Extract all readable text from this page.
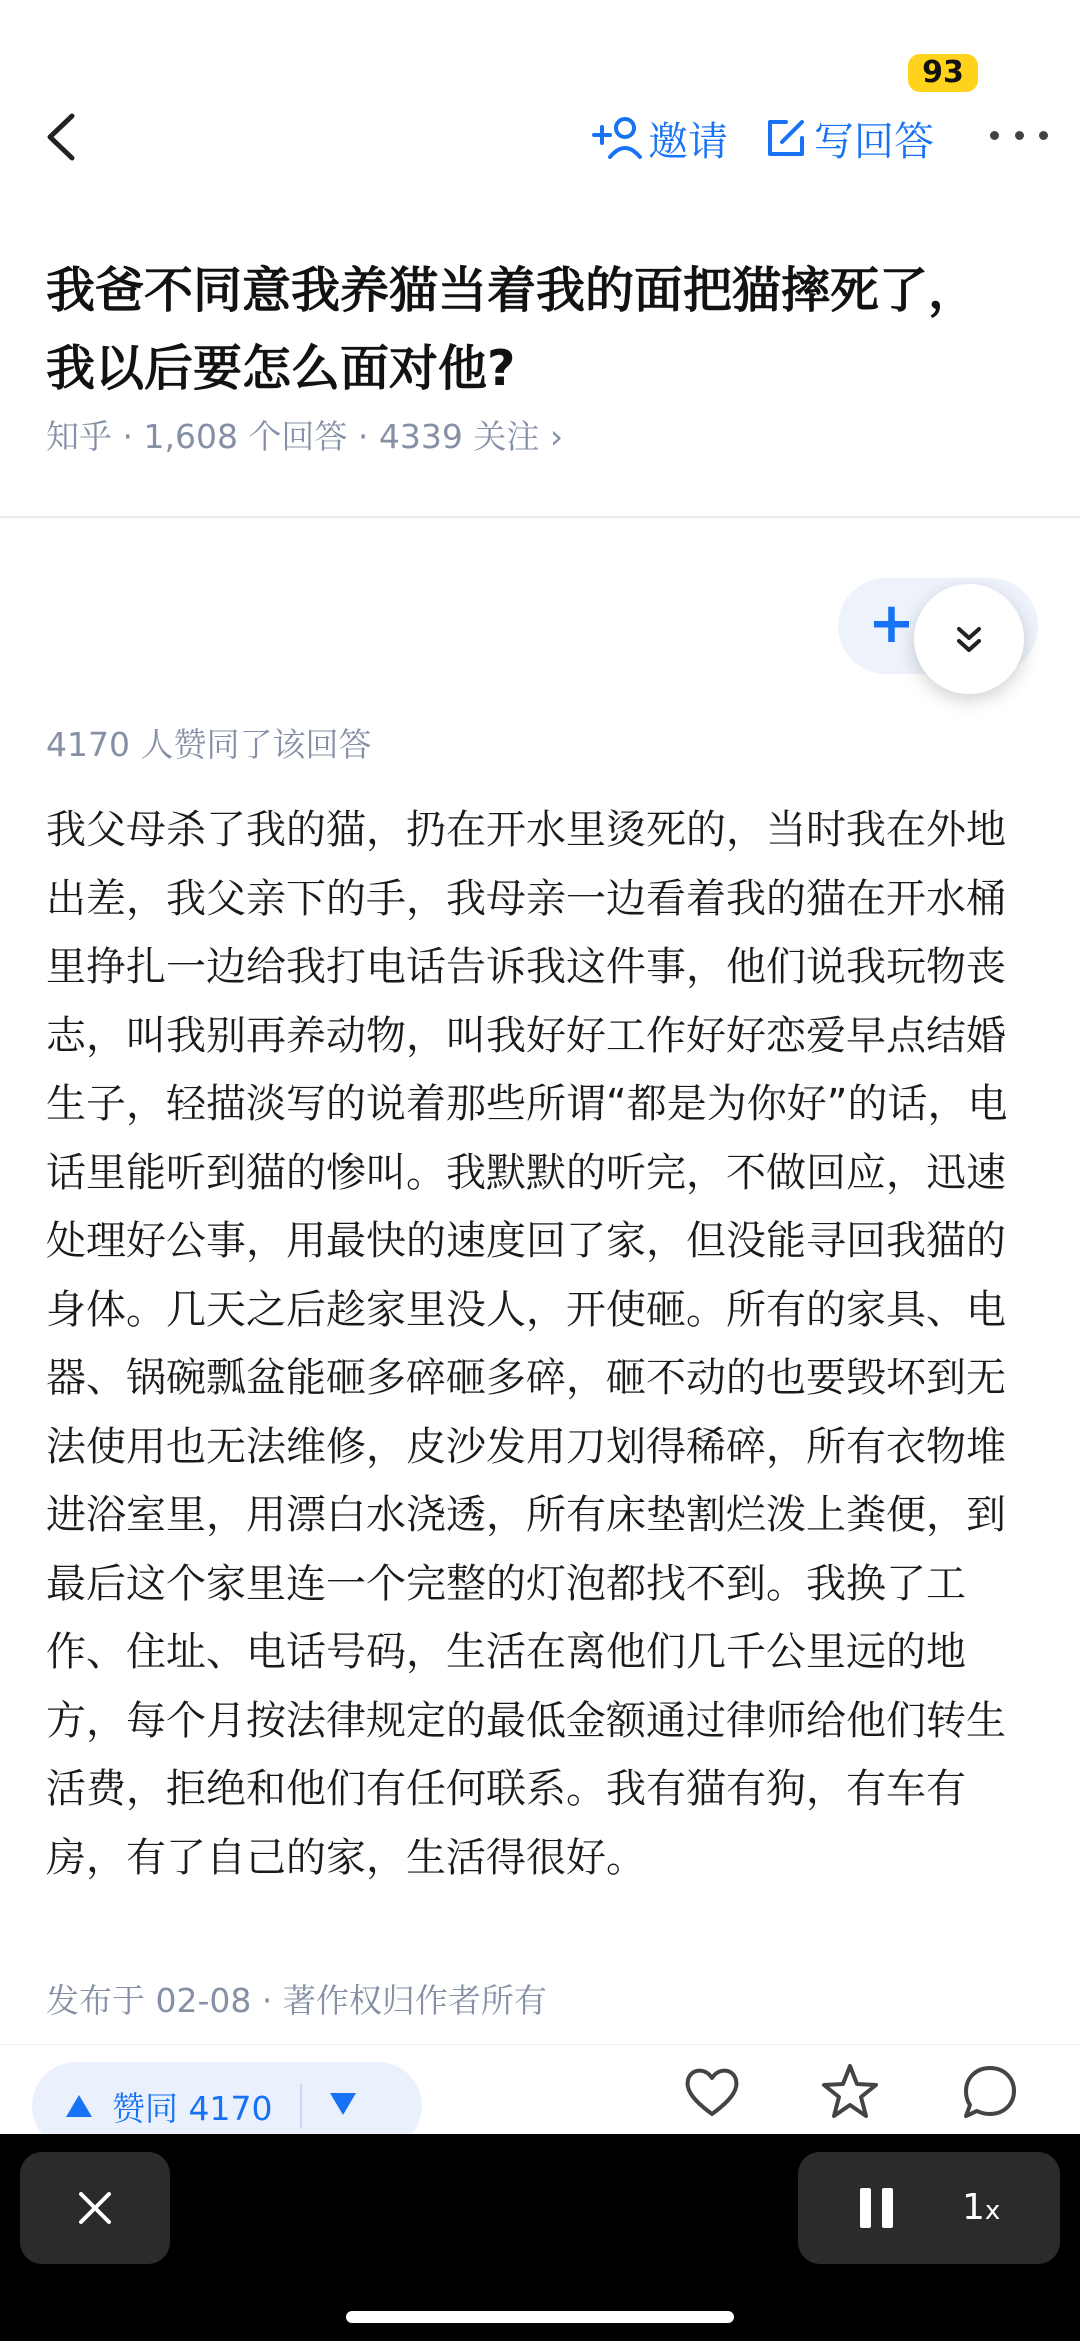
93
邀请 写回答
我爸不同意我养猫当着我的面把猫摔死了，我以后要怎么面对他?
知乎 · 1,608 个回答 · 4339 关注 ›
+
4170 人赞同了该回答
我父母杀了我的猫，扔在开水里烫死的，当时我在外地出差，我父亲下的手，我母亲一边看着我的猫在开水桶里挣扎一边给我打电话告诉我这件事，他们说我玩物丧志，叫我别再养动物，叫我好好工作好好恋爱早点结婚生子，轻描淡写的说着那些所谓“都是为你好”的话，电话里能听到猫的惨叫。我默默的听完，不做回应，迅速处理好公事，用最快的速度回了家，但没能寻回我猫的身体。几天之后趁家里没人，开使砸。所有的家具、电器、锅碗瓢盆能砸多碎砸多碎，砸不动的也要毁坏到无法使用也无法维修，皮沙发用刀划得稀碎，所有衣物堆进浴室里，用漂白水浇透，所有床垫割烂泼上粪便，到最后这个家里连一个完整的灯泡都找不到。我换了工作、住址、电话号码，生活在离他们几千公里远的地方，每个月按法律规定的最低金额通过律师给他们转生活费，拒绝和他们有任何联系。我有猫有狗，有车有房，有了自己的家，生活得很好。
发布于 02-08 · 著作权归作者所有
赞同 4170
1x
